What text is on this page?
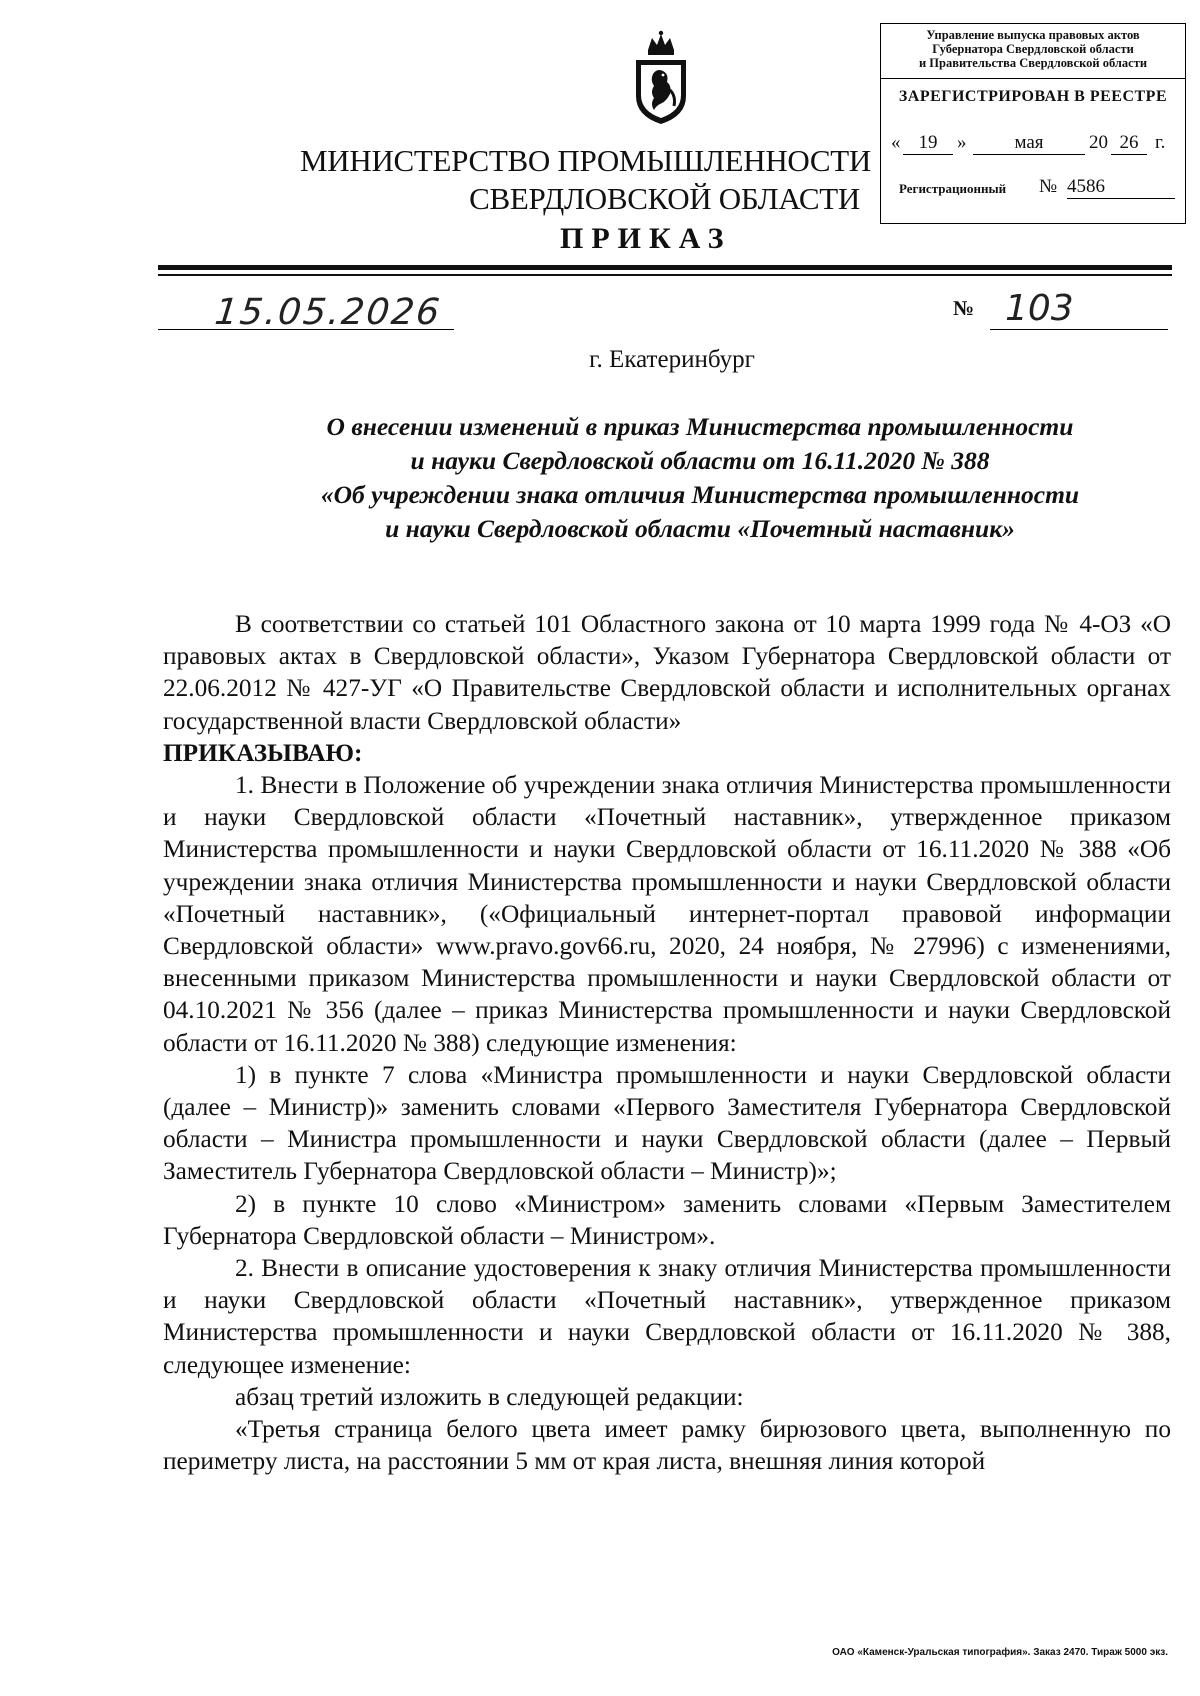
Управление выпуска правовых актов
Губернатора Свердловской области
и Правительства Свердловской области
ЗАРЕГИСТРИРОВАН В РЕЕСТРЕ
« 19	»	мая	20 26 г.
Регистрационный № 4586
МИНИСТЕРСТВО ПРОМЫШЛЕННОСТИ
СВЕРДЛОВСКОЙ ОБЛАСТИ
ПРИКАЗ
15.05.2026	№ 103
г. Екатеринбург
О внесении изменений в приказ Министерства промышленности
и науки Свердловской области от 16.11.2020 № 388
«Об учреждении знака отличия Министерства промышленности
и науки Свердловской области «Почетный наставник»

В соответствии со статьей 101 Областного закона от 10 марта 1999 года № 4-ОЗ «О правовых актах в Свердловской области», Указом Губернатора Свердловской области от 22.06.2012 № 427-УГ «О Правительстве Свердловской области и исполнительных органах государственной власти Свердловской области»

ПРИКАЗЫВАЮ:

1. Внести в Положение об учреждении знака отличия Министерства промышленности и науки Свердловской области «Почетный наставник», утвержденное приказом Министерства промышленности и науки Свердловской области от 16.11.2020 № 388 «Об учреждении знака отличия Министерства промышленности и науки Свердловской области «Почетный наставник», («Официальный интернет-портал правовой информации Свердловской области» www.pravo.gov66.ru, 2020, 24 ноября, № 27996) с изменениями, внесенными приказом Министерства промышленности и науки Свердловской области от 04.10.2021 № 356 (далее – приказ Министерства промышленности и науки Свердловской области от 16.11.2020 № 388) следующие изменения:

1) в пункте 7 слова «Министра промышленности и науки Свердловской области (далее – Министр)» заменить словами «Первого Заместителя Губернатора Свердловской области – Министра промышленности и науки Свердловской области (далее – Первый Заместитель Губернатора Свердловской области – Министр)»;

2) в пункте 10 слово «Министром» заменить словами «Первым Заместителем Губернатора Свердловской области – Министром».

2. Внести в описание удостоверения к знаку отличия Министерства промышленности и науки Свердловской области «Почетный наставник», утвержденное приказом Министерства промышленности и науки Свердловской области от 16.11.2020 № 388, следующее изменение:

абзац третий изложить в следующей редакции:

«Третья страница белого цвета имеет рамку бирюзового цвета, выполненную по периметру листа, на расстоянии 5 мм от края листа, внешняя линия которой

ОАО «Каменск-Уральская типография». Заказ 2470. Тираж 5000 экз.
